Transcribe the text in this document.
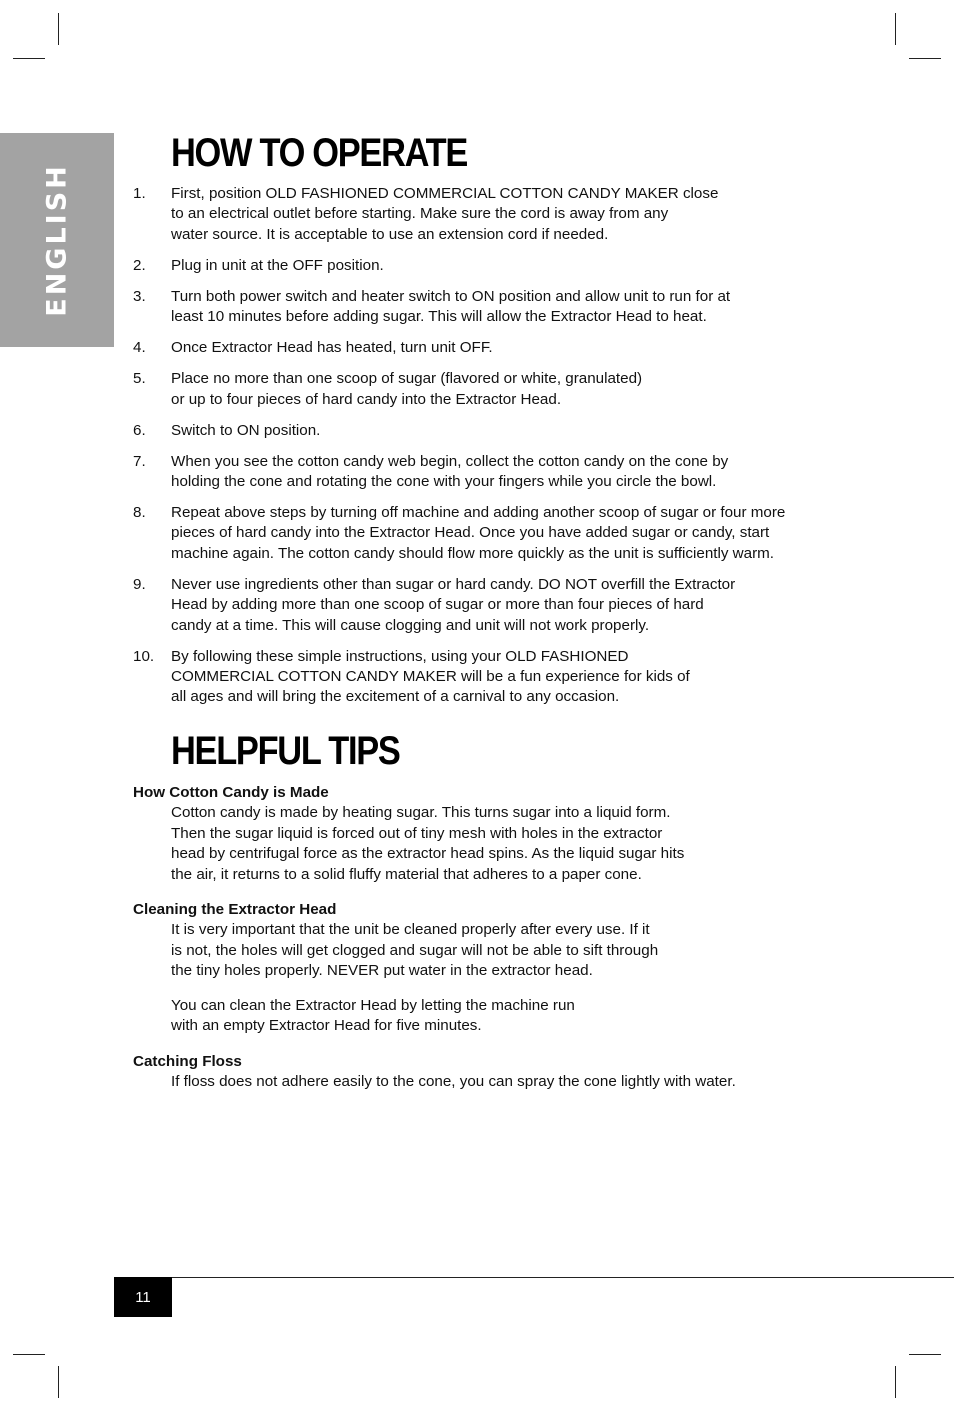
ENGLISH
HOW TO OPERATE
1. First, position OLD FASHIONED COMMERCIAL COTTON CANDY MAKER close
to an electrical outlet before starting. Make sure the cord is away from any
water source. It is acceptable to use an extension cord if needed.
2. Plug in unit at the OFF position.
3. Turn both power switch and heater switch to ON position and allow unit to run for at
least 10 minutes before adding sugar. This will allow the Extractor Head to heat.
4. Once Extractor Head has heated, turn unit OFF.
5. Place no more than one scoop of sugar (flavored or white, granulated)
or up to four pieces of hard candy into the Extractor Head.
6. Switch to ON position.
7. When you see the cotton candy web begin, collect the cotton candy on the cone by
holding the cone and rotating the cone with your fingers while you circle the bowl.
8. Repeat above steps by turning off machine and adding another scoop of sugar or four more
pieces of hard candy into the Extractor Head. Once you have added sugar or candy, start
machine again. The cotton candy should flow more quickly as the unit is sufficiently warm.
9. Never use ingredients other than sugar or hard candy. DO NOT overfill the Extractor
Head by adding more than one scoop of sugar or more than four pieces of hard
candy at a time. This will cause clogging and unit will not work properly.
10. By following these simple instructions, using your OLD FASHIONED
COMMERCIAL COTTON CANDY MAKER will be a fun experience for kids of
all ages and will bring the excitement of a carnival to any occasion.
HELPFUL TIPS
How Cotton Candy is Made
Cotton candy is made by heating sugar. This turns sugar into a liquid form.
Then the sugar liquid is forced out of tiny mesh with holes in the extractor
head by centrifugal force as the extractor head spins. As the liquid sugar hits
the air, it returns to a solid fluffy material that adheres to a paper cone.
Cleaning the Extractor Head
It is very important that the unit be cleaned properly after every use. If it
is not, the holes will get clogged and sugar will not be able to sift through
the tiny holes properly. NEVER put water in the extractor head.
You can clean the Extractor Head by letting the machine run
with an empty Extractor Head for five minutes.
Catching Floss
If floss does not adhere easily to the cone, you can spray the cone lightly with water.
11
